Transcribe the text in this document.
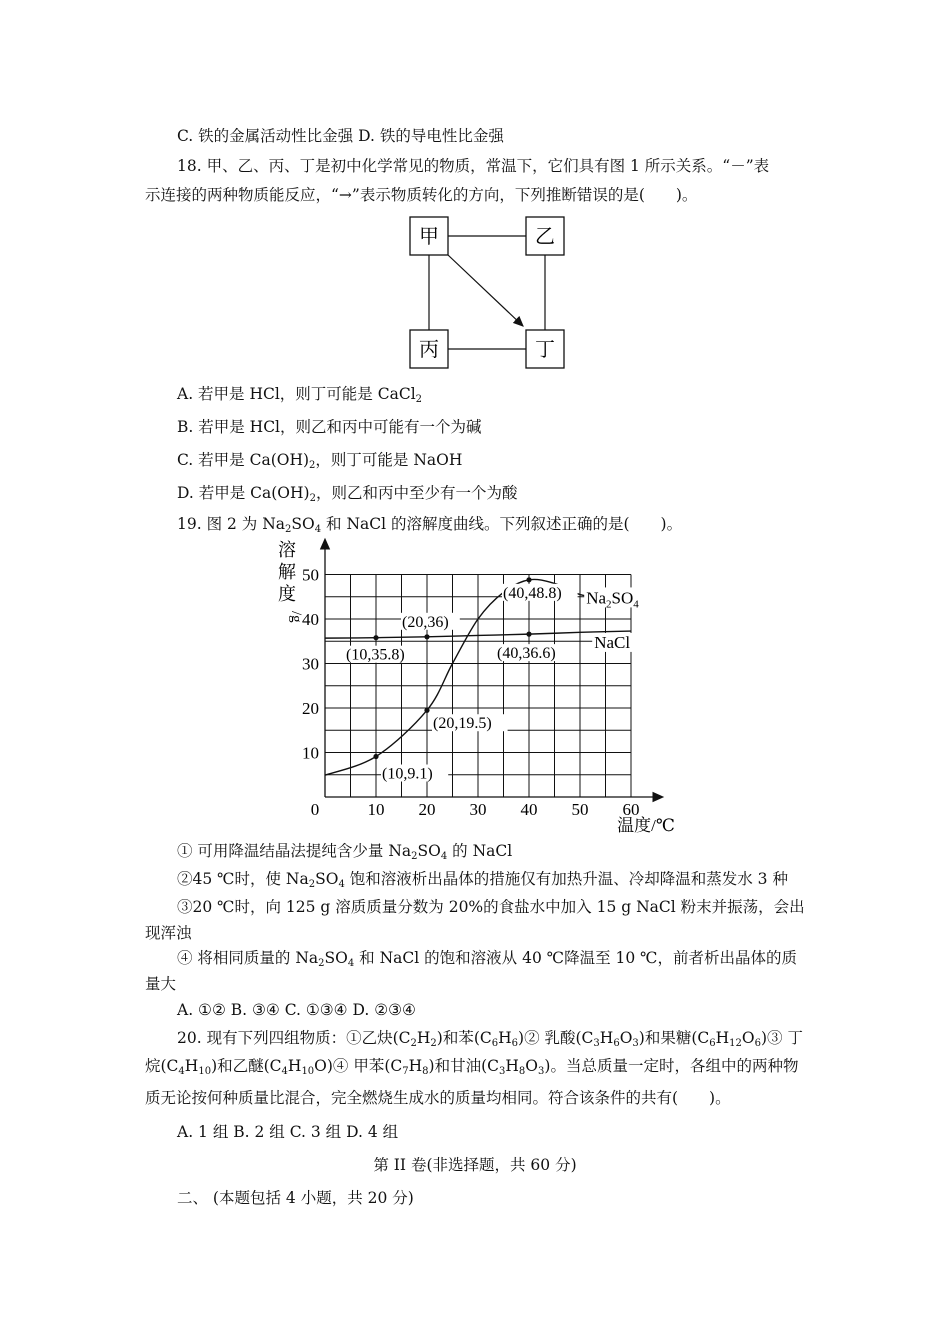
C. 铁的金属活动性比金强 D. 铁的导电性比金强
18. 甲、乙、丙、丁是初中化学常见的物质，常温下，它们具有图 1 所示关系。“－”表
示连接的两种物质能反应，“→”表示物质转化的方向，下列推断错误的是(　　)。
甲	乙
丙	丁
A. 若甲是 HCl，则丁可能是 CaCl$_2$
B. 若甲是 HCl，则乙和丙中可能有一个为碱
C. 若甲是 $Ca(OH)_2$，则丁可能是 NaOH
D. 若甲是 $Ca(OH)_2$，则乙和丙中至少有一个为酸
19. 图 2 为 $Na_2SO_4$ 和 NaCl 的溶解度曲线。下列叙述正确的是(　　)。
0	10 20 30 40 50 60
10
20
30
40
50
温度/℃
溶
解
度
/g
(10,35.8)
(20,36)
(40,48.8)
(40,36.6)
(20,19.5)
(10,9.1)
$Na_2SO_4$
NaCl
① 可用降温结晶法提纯含少量 $Na_2SO_4$ 的 NaCl
②45 ℃时，使 $Na_2SO_4$ 饱和溶液析出晶体的措施仅有加热升温、冷却降温和蒸发水 3 种
③20 ℃时，向 125 g 溶质质量分数为 20%的食盐水中加入 15 g NaCl 粉末并振荡，会出
现浑浊
④ 将相同质量的 $Na_2SO_4$ 和 NaCl 的饱和溶液从 40 ℃降温至 10 ℃，前者析出晶体的质
量大
A. ①② B. ③④ C. ①③④ D. ②③④
20. 现有下列四组物质：①乙炔$(C_2H_2)$和苯$(C_6H_6)②$ 乳酸$(C_3H_6O_3)$和果糖$(C_6H_{12}O_6)③$ 丁
烷$(C_4H_{10})$和乙醚$(C_4H_{10}O)④$ 甲苯$(C_7H_8)$和甘油$(C_3H_8O_3)$。当总质量一定时，各组中的两种物
质无论按何种质量比混合，完全燃烧生成水的质量均相同。符合该条件的共有(　　)。
A. 1 组 B. 2 组 C. 3 组 D. 4 组
第 II 卷(非选择题，共 60 分)
二、 (本题包括 4 小题，共 20 分)
